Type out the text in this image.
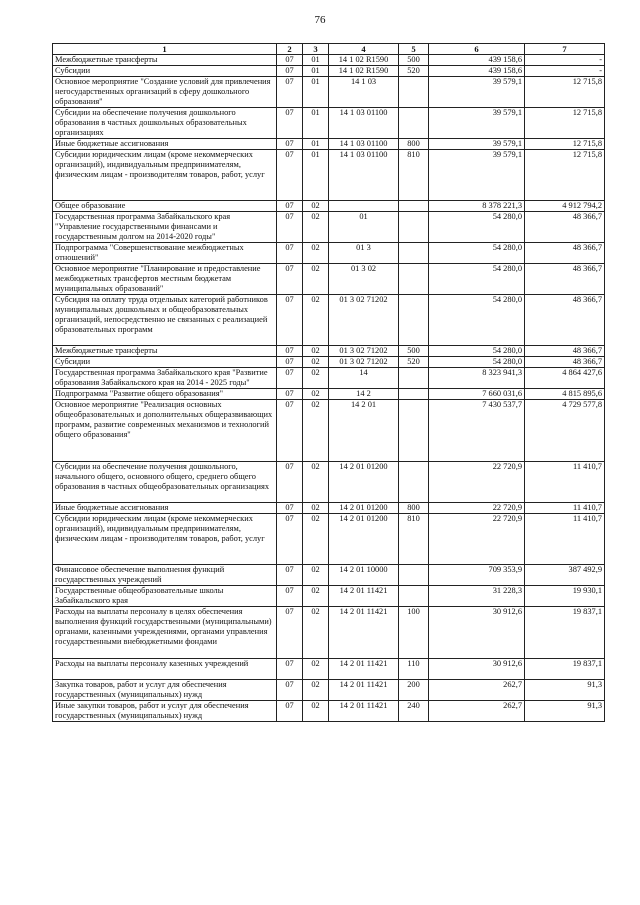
76
1	2	3	4	5	6	7
Межбюджетные трансферты	07	01	14 1 02 R1590	500	439 158,6	-
Субсидии	07	01	14 1 02 R1590	520	439 158,6	-
Основное мероприятие "Создание условий для привлечения негосударственных организаций в сферу дошкольного образования"	07	01	14 1 03		39 579,1	12 715,8
Субсидии на обеспечение получения дошкольного образования в частных дошкольных образовательных организациях	07	01	14 1 03 01100		39 579,1	12 715,8
Иные бюджетные ассигнования	07	01	14 1 03 01100	800	39 579,1	12 715,8
Субсидии юридическим лицам (кроме некоммерческих организаций), индивидуальным предпринимателям, физическим лицам - производителям товаров, работ, услуг	07	01	14 1 03 01100	810	39 579,1	12 715,8
Общее образование	07	02			8 378 221,3	4 912 794,2
Государственная программа Забайкальского края "Управление государственными финансами и государственным долгом на 2014-2020 годы"	07	02	01		54 280,0	48 366,7
Подпрограмма "Совершенствование межбюджетных отношений"	07	02	01 3		54 280,0	48 366,7
Основное мероприятие "Планирование и предоставление межбюджетных трансфертов местным бюджетам муниципальных образований"	07	02	01 3 02		54 280,0	48 366,7
Субсидия на оплату труда отдельных категорий работников муниципальных дошкольных и общеобразовательных организаций, непосредственно не связанных с реализацией образовательных программ	07	02	01 3 02 71202		54 280,0	48 366,7
Межбюджетные трансферты	07	02	01 3 02 71202	500	54 280,0	48 366,7
Субсидии	07	02	01 3 02 71202	520	54 280,0	48 366,7
Государственная программа Забайкальского края "Развитие образования Забайкальского края на 2014 - 2025 годы"	07	02	14		8 323 941,3	4 864 427,6
Подпрограмма "Развитие общего образования"	07	02	14 2		7 660 031,6	4 815 895,6
Основное мероприятие "Реализация основных общеобразовательных и дополнительных общеразвивающих программ, развитие современных механизмов и технологий общего образования"	07	02	14 2 01		7 430 537,7	4 729 577,8
Субсидии на обеспечение получения дошкольного, начального общего, основного общего, среднего общего образования в частных общеобразовательных организациях	07	02	14 2 01 01200		22 720,9	11 410,7
Иные бюджетные ассигнования	07	02	14 2 01 01200	800	22 720,9	11 410,7
Субсидии юридическим лицам (кроме некоммерческих организаций), индивидуальным предпринимателям, физическим лицам - производителям товаров, работ, услуг	07	02	14 2 01 01200	810	22 720,9	11 410,7
Финансовое обеспечение выполнения функций государственных учреждений	07	02	14 2 01 10000		709 353,9	387 492,9
Государственные общеобразовательные школы Забайкальского края	07	02	14 2 01 11421		31 228,3	19 930,1
Расходы на выплаты персоналу в целях обеспечения выполнения функций государственными (муниципальными) органами, казенными учреждениями, органами управления государственными внебюджетными фондами	07	02	14 2 01 11421	100	30 912,6	19 837,1
Расходы на выплаты персоналу казенных учреждений	07	02	14 2 01 11421	110	30 912,6	19 837,1
Закупка товаров, работ и услуг для обеспечения государственных (муниципальных) нужд	07	02	14 2 01 11421	200	262,7	91,3
Иные закупки товаров, работ и услуг для обеспечения государственных (муниципальных) нужд	07	02	14 2 01 11421	240	262,7	91,3
